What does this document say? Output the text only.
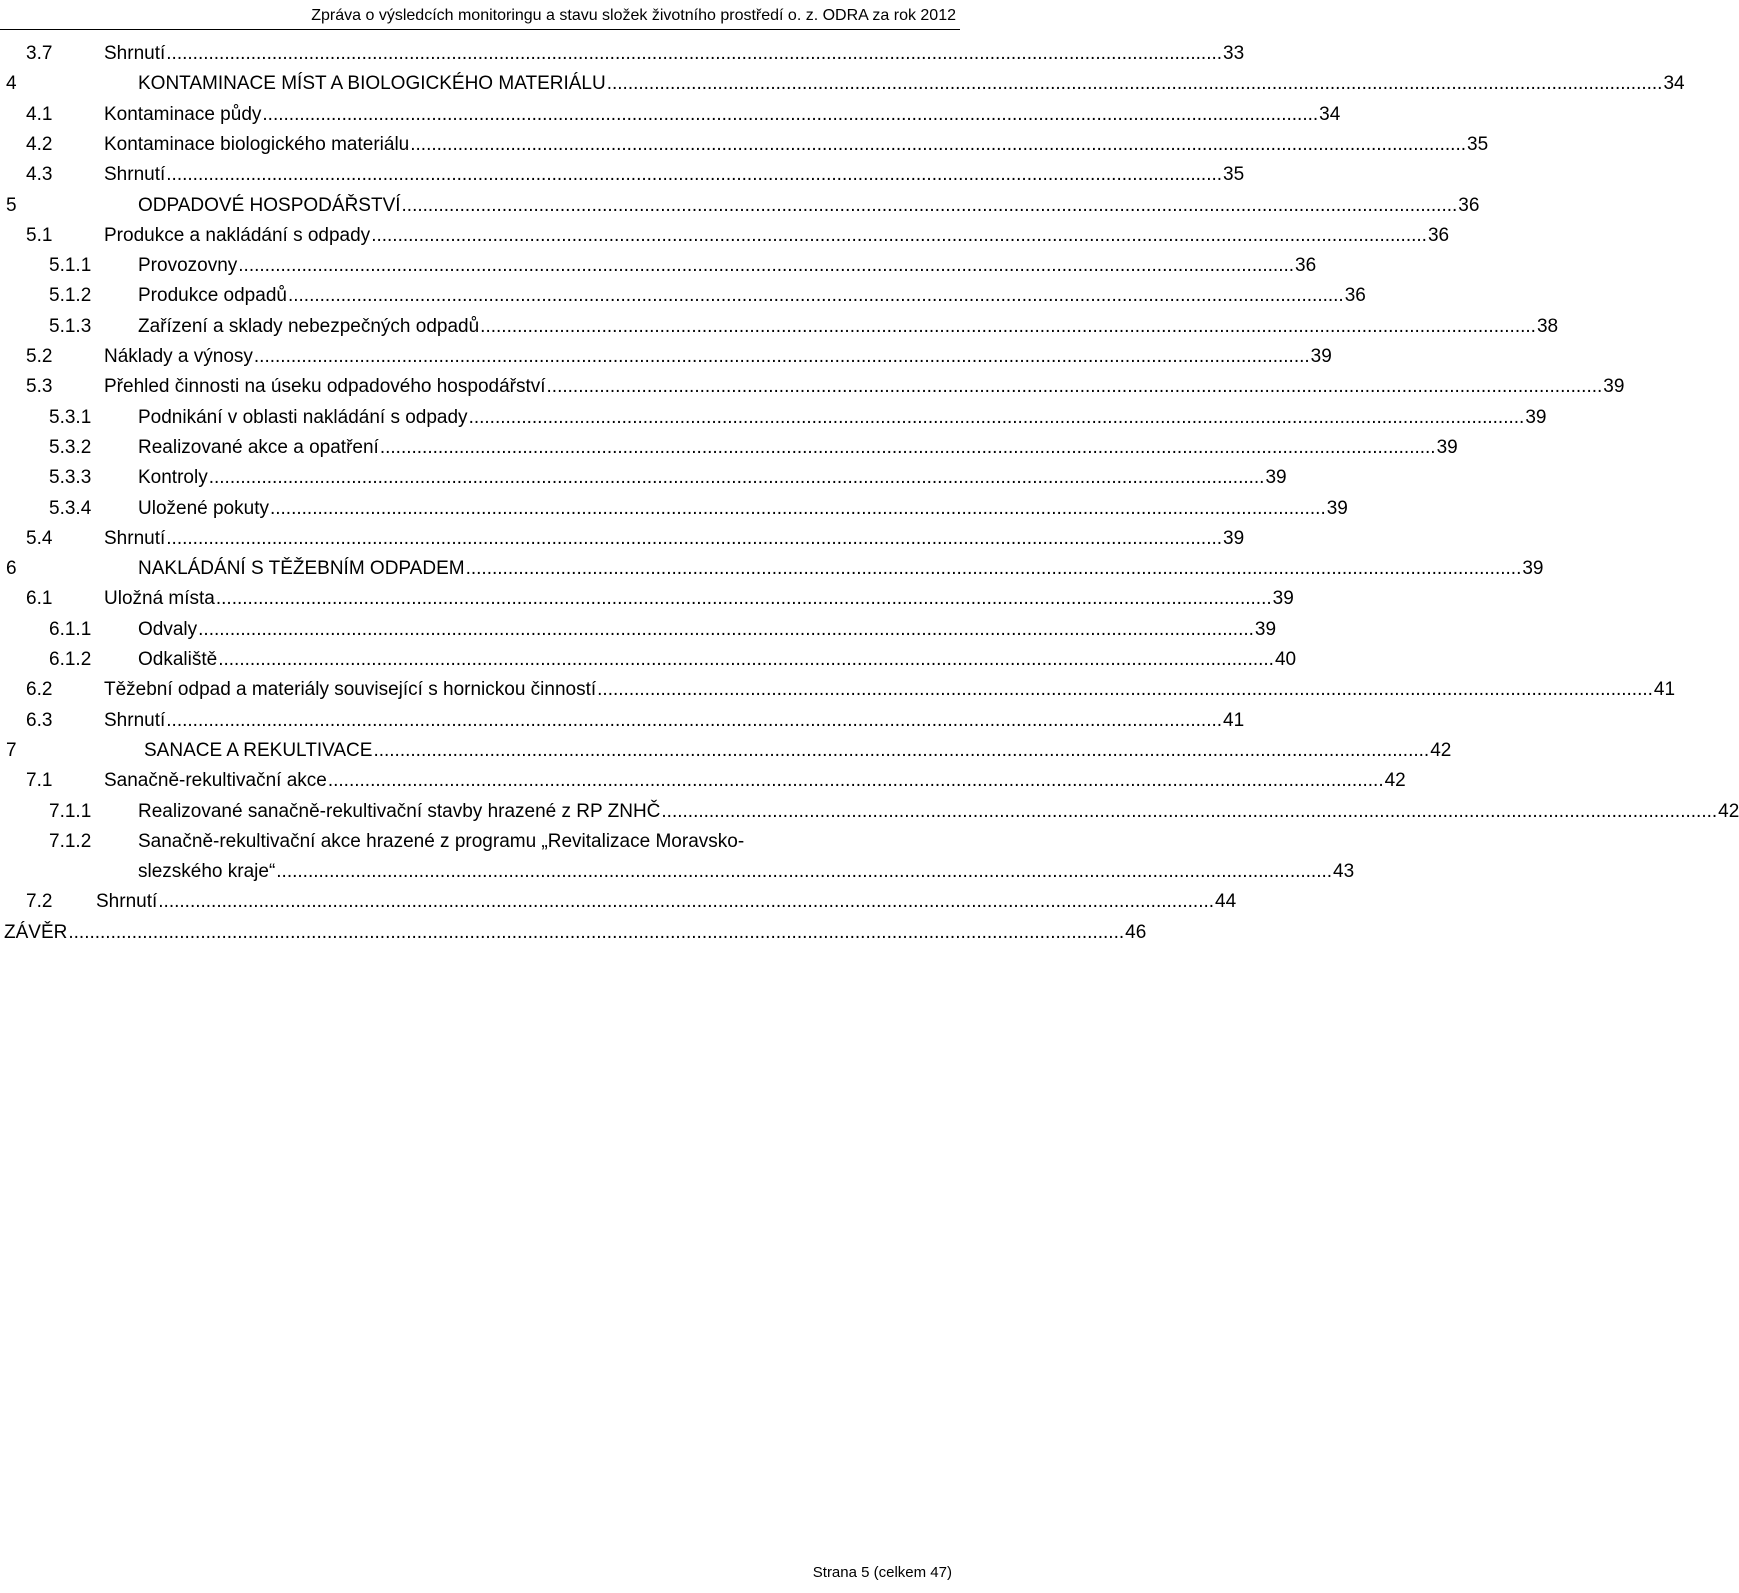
Zpráva o výsledcích monitoringu a stavu složek životního prostředí o. z. ODRA za rok 2012
3.7	Shrnutí ........................................................................................................................................................................................................ 33
4	KONTAMINACE MÍST A BIOLOGICKÉHO MATERIÁLU ........................................................................................................................................................................................................ 34
4.1	Kontaminace půdy ........................................................................................................................................................................................................ 34
4.2	Kontaminace biologického materiálu ........................................................................................................................................................................................................ 35
4.3	Shrnutí ........................................................................................................................................................................................................ 35
5	ODPADOVÉ HOSPODÁŘSTVÍ ........................................................................................................................................................................................................ 36
5.1	Produkce a nakládání s odpady ........................................................................................................................................................................................................ 36
5.1.1 Provozovny ........................................................................................................................................................................................................ 36
5.1.2 Produkce odpadů ........................................................................................................................................................................................................ 36
5.1.3 Zařízení a sklady nebezpečných odpadů ........................................................................................................................................................................................................ 38
5.2	Náklady a výnosy ........................................................................................................................................................................................................ 39
5.3	Přehled činnosti na úseku odpadového hospodářství ........................................................................................................................................................................................................ 39
5.3.1 Podnikání v oblasti nakládání s odpady ........................................................................................................................................................................................................ 39
5.3.2 Realizované akce a opatření ........................................................................................................................................................................................................ 39
5.3.3 Kontroly ........................................................................................................................................................................................................ 39
5.3.4 Uložené pokuty ........................................................................................................................................................................................................ 39
5.4	Shrnutí ........................................................................................................................................................................................................ 39
6	NAKLÁDÁNÍ S TĚŽEBNÍM ODPADEM ........................................................................................................................................................................................................ 39
6.1	Uložná místa ........................................................................................................................................................................................................ 39
6.1.1 Odvaly ........................................................................................................................................................................................................ 39
6.1.2 Odkaliště ........................................................................................................................................................................................................ 40
6.2	Těžební odpad a materiály související s hornickou činností ........................................................................................................................................................................................................ 41
6.3	Shrnutí ........................................................................................................................................................................................................ 41
7	SANACE A REKULTIVACE ........................................................................................................................................................................................................ 42
7.1	Sanačně-rekultivační akce ........................................................................................................................................................................................................ 42
7.1.1 Realizované sanačně-rekultivační stavby hrazené z RP ZNHČ ........................................................................................................................................................................................................ 42
7.1.2 Sanačně-rekultivační akce hrazené z programu „Revitalizace Moravsko-
slezského kraje“ ........................................................................................................................................................................................................ 43
7.2 Shrnutí ........................................................................................................................................................................................................ 44
ZÁVĚR ........................................................................................................................................................................................................ 46
Strana 5 (celkem 47)
